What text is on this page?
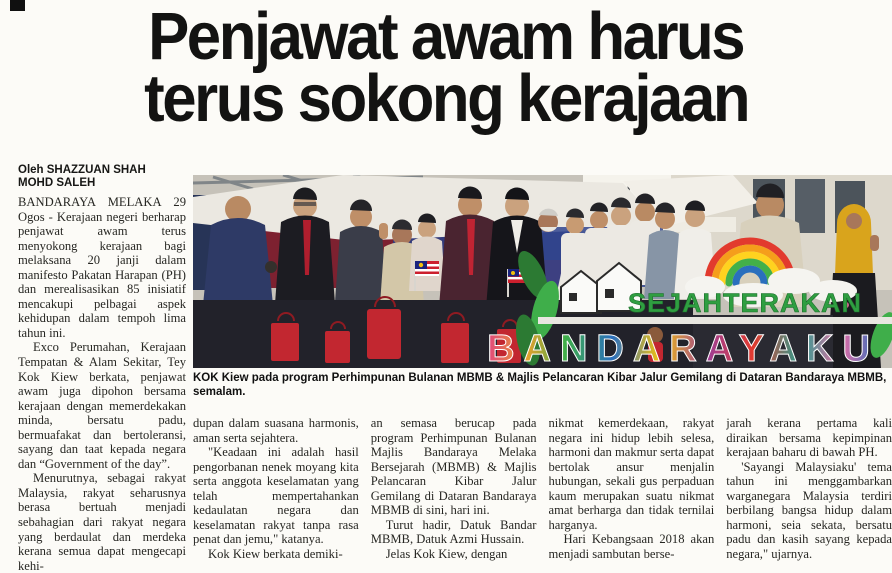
Penjawat awam harus terus sokong kerajaan
Oleh SHAZZUAN SHAH
MOHD SALEH

BANDARAYA MELAKA 29 Ogos - Kerajaan negeri berharap penjawat awam terus menyokong kerajaan bagi melaksana 20 janji dalam manifesto Pakatan Harapan (PH) dan merealisasikan 85 inisiatif mencakupi pelbagai aspek kehidupan dalam tempoh lima tahun ini.

Exco Perumahan, Kerajaan Tempatan & Alam Sekitar, Tey Kok Kiew berkata, penjawat awam juga dipohon bersama kerajaan dengan memerdekakan minda, bersatu padu, bermuafakat dan bertoleransi, sayang dan taat kepada negara dan “Government of the day”.

Menurutnya, sebagai rakyat Malaysia, rakyat seharusnya berasa bertuah menjadi sebahagian dari rakyat negara yang berdaulat dan merdeka kerana semua dapat mengecapi kehi-

SEJAHTERAKAN
BANDARAYAKU
KOK Kiew pada program Perhimpunan Bulanan MBMB & Majlis Pelancaran Kibar Jalur Gemilang di Dataran Bandaraya MBMB, semalam.

dupan dalam suasana harmonis, aman serta sejahtera.

"Keadaan ini adalah hasil pengorbanan nenek moyang kita serta anggota keselamatan yang telah mempertahankan kedaulatan negara dan keselamatan rakyat tanpa rasa penat dan jemu," katanya.

Kok Kiew berkata demiki-

an semasa berucap pada program Perhimpunan Bulanan Majlis Bandaraya Melaka Bersejarah (MBMB) & Majlis Pelancaran Kibar Jalur Gemilang di Dataran Bandaraya MBMB di sini, hari ini.

Turut hadir, Datuk Bandar MBMB, Datuk Azmi Hussain.

Jelas Kok Kiew, dengan

nikmat kemerdekaan, rakyat negara ini hidup lebih selesa, harmoni dan makmur serta dapat bertolak ansur menjalin hubungan, sekali gus perpaduan kaum merupakan suatu nikmat amat berharga dan tidak ternilai harganya.

Hari Kebangsaan 2018 akan menjadi sambutan berse-

jarah kerana pertama kali diraikan bersama kepimpinan kerajaan baharu di bawah PH.

'Sayangi Malaysiaku' tema tahun ini menggambarkan warganegara Malaysia terdiri berbilang bangsa hidup dalam harmoni, seia sekata, bersatu padu dan kasih sayang kepada negara," ujarnya.
